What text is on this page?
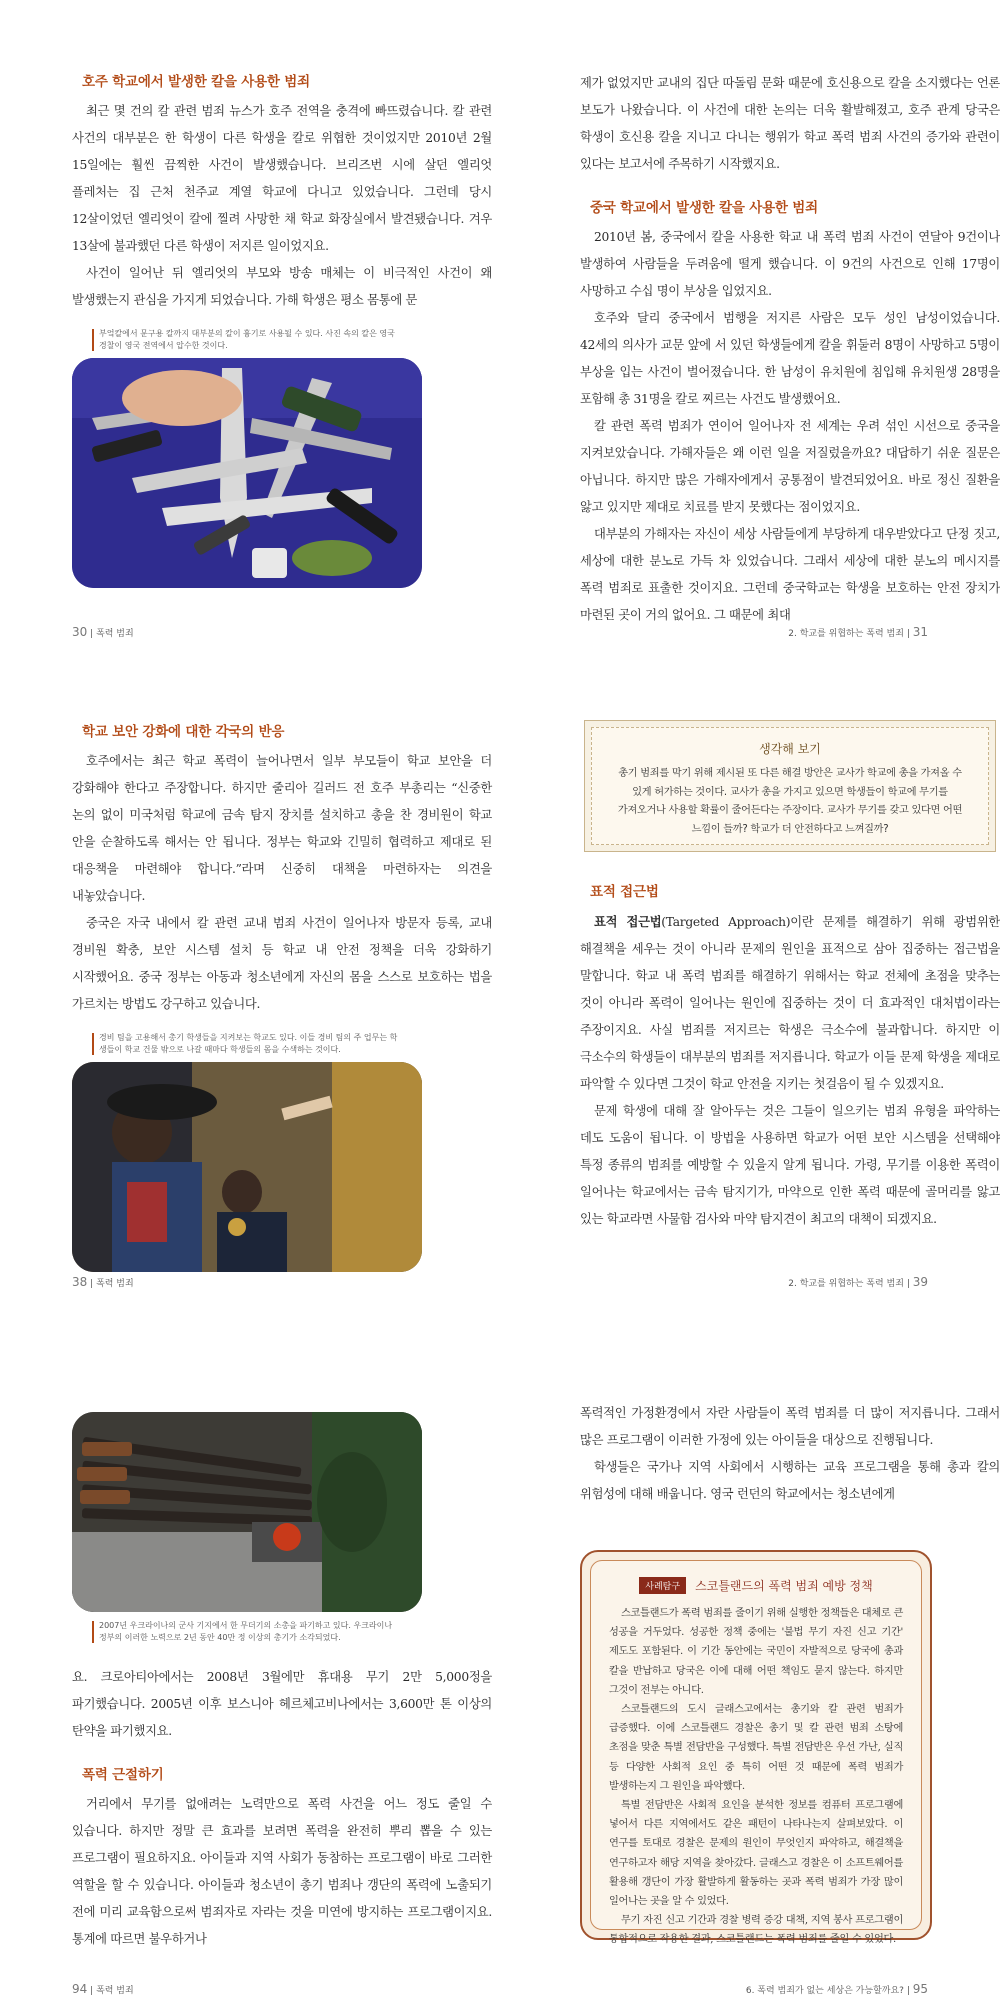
호주 학교에서 발생한 칼을 사용한 범죄

최근 몇 건의 칼 관련 범죄 뉴스가 호주 전역을 충격에 빠뜨렸습니다. 칼 관련 사건의 대부분은 한 학생이 다른 학생을 칼로 위협한 것이었지만 2010년 2월 15일에는 훨씬 끔찍한 사건이 발생했습니다. 브리즈번 시에 살던 엘리엇 플레처는 집 근처 천주교 계열 학교에 다니고 있었습니다. 그런데 당시 12살이었던 엘리엇이 칼에 찔려 사망한 채 학교 화장실에서 발견됐습니다. 겨우 13살에 불과했던 다른 학생이 저지른 일이었지요.

사건이 일어난 뒤 엘리엇의 부모와 방송 매체는 이 비극적인 사건이 왜 발생했는지 관심을 가지게 되었습니다. 가해 학생은 평소 몸통에 문

부엌칼에서 문구용 칼까지 대부분의 칼이 흉기로 사용될 수 있다. 사진 속의 칼은 영국 경찰이 영국 전역에서 압수한 것이다.

제가 없었지만 교내의 집단 따돌림 문화 때문에 호신용으로 칼을 소지했다는 언론 보도가 나왔습니다. 이 사건에 대한 논의는 더욱 활발해졌고, 호주 관계 당국은 학생이 호신용 칼을 지니고 다니는 행위가 학교 폭력 범죄 사건의 증가와 관련이 있다는 보고서에 주목하기 시작했지요.

중국 학교에서 발생한 칼을 사용한 범죄

2010년 봄, 중국에서 칼을 사용한 학교 내 폭력 범죄 사건이 연달아 9건이나 발생하여 사람들을 두려움에 떨게 했습니다. 이 9건의 사건으로 인해 17명이 사망하고 수십 명이 부상을 입었지요.

호주와 달리 중국에서 범행을 저지른 사람은 모두 성인 남성이었습니다. 42세의 의사가 교문 앞에 서 있던 학생들에게 칼을 휘둘러 8명이 사망하고 5명이 부상을 입는 사건이 벌어졌습니다. 한 남성이 유치원에 침입해 유치원생 28명을 포함해 총 31명을 칼로 찌르는 사건도 발생했어요.

칼 관련 폭력 범죄가 연이어 일어나자 전 세계는 우려 섞인 시선으로 중국을 지켜보았습니다. 가해자들은 왜 이런 일을 저질렀을까요? 대답하기 쉬운 질문은 아닙니다. 하지만 많은 가해자에게서 공통점이 발견되었어요. 바로 정신 질환을 앓고 있지만 제대로 치료를 받지 못했다는 점이었지요.

대부분의 가해자는 자신이 세상 사람들에게 부당하게 대우받았다고 단정 짓고, 세상에 대한 분노로 가득 차 있었습니다. 그래서 세상에 대한 분노의 메시지를 폭력 범죄로 표출한 것이지요. 그런데 중국학교는 학생을 보호하는 안전 장치가 마련된 곳이 거의 없어요. 그 때문에 최대

30 | 폭력 범죄	2. 학교를 위협하는 폭력 범죄 | 31
학교 보안 강화에 대한 각국의 반응

호주에서는 최근 학교 폭력이 늘어나면서 일부 부모들이 학교 보안을 더 강화해야 한다고 주장합니다. 하지만 줄리아 길러드 전 호주 부총리는 “신중한 논의 없이 미국처럼 학교에 금속 탐지 장치를 설치하고 총을 찬 경비원이 학교 안을 순찰하도록 해서는 안 됩니다. 정부는 학교와 긴밀히 협력하고 제대로 된 대응책을 마련해야 합니다.”라며 신중히 대책을 마련하자는 의견을 내놓았습니다.

중국은 자국 내에서 칼 관련 교내 범죄 사건이 일어나자 방문자 등록, 교내 경비원 확충, 보안 시스템 설치 등 학교 내 안전 정책을 더욱 강화하기 시작했어요. 중국 정부는 아동과 청소년에게 자신의 몸을 스스로 보호하는 법을 가르치는 방법도 강구하고 있습니다.

경비 팀을 고용해서 총기 학생들을 지켜보는 학교도 있다. 이들 경비 팀의 주 업무는 학생들이 학교 건물 밖으로 나갈 때마다 학생들의 몸을 수색하는 것이다.
생각해 보기
총기 범죄를 막기 위해 제시된 또 다른 해결 방안은 교사가 학교에 총을 가져올 수 있게 허가하는 것이다. 교사가 총을 가지고 있으면 학생들이 학교에 무기를 가져오거나 사용할 확률이 줄어든다는 주장이다. 교사가 무기를 갖고 있다면 어떤 느낌이 들까? 학교가 더 안전하다고 느껴질까?
표적 접근법

표적 접근법(Targeted Approach)이란 문제를 해결하기 위해 광범위한 해결책을 세우는 것이 아니라 문제의 원인을 표적으로 삼아 집중하는 접근법을 말합니다. 학교 내 폭력 범죄를 해결하기 위해서는 학교 전체에 초점을 맞추는 것이 아니라 폭력이 일어나는 원인에 집중하는 것이 더 효과적인 대처법이라는 주장이지요. 사실 범죄를 저지르는 학생은 극소수에 불과합니다. 하지만 이 극소수의 학생들이 대부분의 범죄를 저지릅니다. 학교가 이들 문제 학생을 제대로 파악할 수 있다면 그것이 학교 안전을 지키는 첫걸음이 될 수 있겠지요.

문제 학생에 대해 잘 알아두는 것은 그들이 일으키는 범죄 유형을 파악하는 데도 도움이 됩니다. 이 방법을 사용하면 학교가 어떤 보안 시스템을 선택해야 특정 종류의 범죄를 예방할 수 있을지 알게 됩니다. 가령, 무기를 이용한 폭력이 일어나는 학교에서는 금속 탐지기가, 마약으로 인한 폭력 때문에 골머리를 앓고 있는 학교라면 사물함 검사와 마약 탐지견이 최고의 대책이 되겠지요.

38 | 폭력 범죄	2. 학교를 위협하는 폭력 범죄 | 39
2007년 우크라이나의 군사 기지에서 한 무더기의 소총을 파기하고 있다. 우크라이나 정부의 이러한 노력으로 2년 동안 40만 정 이상의 총기가 소각되었다.

요. 크로아티아에서는 2008년 3월에만 휴대용 무기 2만 5,000정을 파기했습니다. 2005년 이후 보스니아 헤르체고비나에서는 3,600만 톤 이상의 탄약을 파기했지요.

폭력 근절하기

거리에서 무기를 없애려는 노력만으로 폭력 사건을 어느 정도 줄일 수 있습니다. 하지만 정말 큰 효과를 보려면 폭력을 완전히 뿌리 뽑을 수 있는 프로그램이 필요하지요. 아이들과 지역 사회가 동참하는 프로그램이 바로 그러한 역할을 할 수 있습니다. 아이들과 청소년이 총기 범죄나 갱단의 폭력에 노출되기 전에 미리 교육함으로써 범죄자로 자라는 것을 미연에 방지하는 프로그램이지요. 통계에 따르면 불우하거나

폭력적인 가정환경에서 자란 사람들이 폭력 범죄를 더 많이 저지릅니다. 그래서 많은 프로그램이 이러한 가정에 있는 아이들을 대상으로 진행됩니다.

학생들은 국가나 지역 사회에서 시행하는 교육 프로그램을 통해 총과 칼의 위험성에 대해 배웁니다. 영국 런던의 학교에서는 청소년에게

사례탐구 스코틀랜드의 폭력 범죄 예방 정책
스코틀랜드가 폭력 범죄를 줄이기 위해 실행한 정책들은 대체로 큰 성공을 거두었다. 성공한 정책 중에는 '불법 무기 자진 신고 기간' 제도도 포함된다. 이 기간 동안에는 국민이 자발적으로 당국에 총과 칼을 반납하고 당국은 이에 대해 어떤 책임도 묻지 않는다. 하지만 그것이 전부는 아니다.
스코틀랜드의 도시 글래스고에서는 총기와 칼 관련 범죄가 급증했다. 이에 스코틀랜드 경찰은 총기 및 칼 관련 범죄 소탕에 초점을 맞춘 특별 전담반을 구성했다. 특별 전담반은 우선 가난, 실직 등 다양한 사회적 요인 중 특히 어떤 것 때문에 폭력 범죄가 발생하는지 그 원인을 파악했다.
특별 전담반은 사회적 요인을 분석한 정보를 컴퓨터 프로그램에 넣어서 다른 지역에서도 같은 패턴이 나타나는지 살펴보았다. 이 연구를 토대로 경찰은 문제의 원인이 무엇인지 파악하고, 해결책을 연구하고자 해당 지역을 찾아갔다. 글래스고 경찰은 이 소프트웨어를 활용해 갱단이 가장 활발하게 활동하는 곳과 폭력 범죄가 가장 많이 일어나는 곳을 알 수 있었다.
무기 자진 신고 기간과 경찰 병력 증강 대책, 지역 봉사 프로그램이 통합적으로 작용한 결과, 스코틀랜드는 폭력 범죄를 줄일 수 있었다.
94 | 폭력 범죄	6. 폭력 범죄가 없는 세상은 가능할까요? | 95
